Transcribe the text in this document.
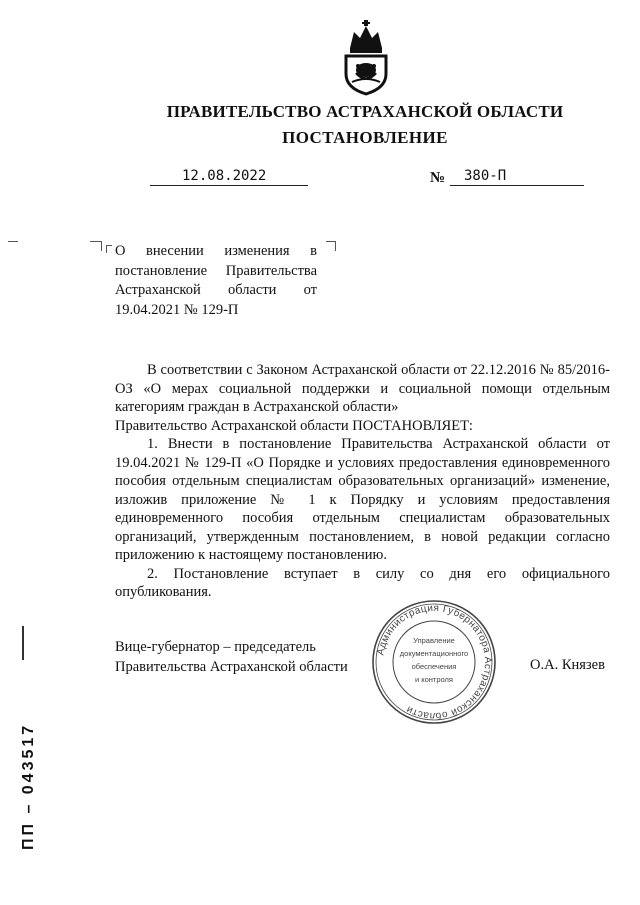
ПРАВИТЕЛЬСТВО АСТРАХАНСКОЙ ОБЛАСТИ
ПОСТАНОВЛЕНИЕ
12.08.2022	№ 380-П
О внесении изменения в постановление Правительства Астраханской области от 19.04.2021 № 129-П

В соответствии с Законом Астраханской области от 22.12.2016 № 85/2016-ОЗ «О мерах социальной поддержки и социальной помощи отдельным категориям граждан в Астраханской области»

Правительство Астраханской области ПОСТАНОВЛЯЕТ:

1. Внести в постановление Правительства Астраханской области от 19.04.2021 № 129-П «О Порядке и условиях предоставления единовременного пособия отдельным специалистам образовательных организаций» изменение, изложив приложение № 1 к Порядку и условиям предоставления единовременного пособия отдельным специалистам образовательных организаций, утвержденным постановлением, в новой редакции согласно приложению к настоящему постановлению.

2. Постановление вступает в силу со дня его официального опубликования.

Вице-губернатор – председатель
Правительства Астраханской области	О.А. Князев
Администрация Губернатора Астраханской области
Управление
документационного
обеспечения
и контроля
ПП – 043517
